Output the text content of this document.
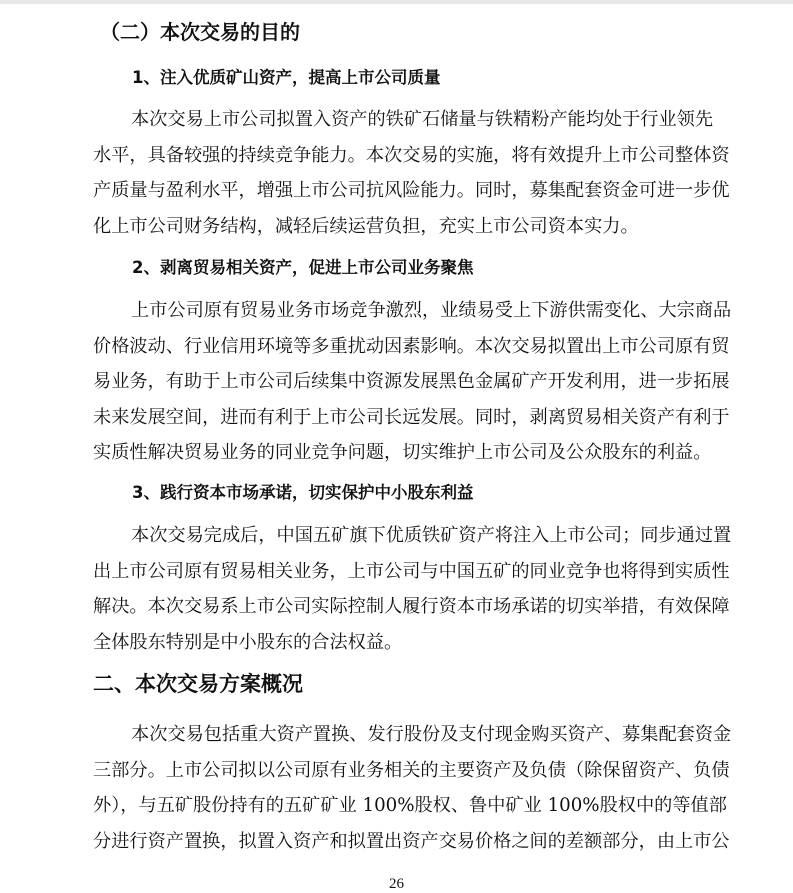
（二）本次交易的目的
1、注入优质矿山资产，提高上市公司质量
本次交易上市公司拟置入资产的铁矿石储量与铁精粉产能均处于行业领先
水平，具备较强的持续竞争能力。本次交易的实施，将有效提升上市公司整体资
产质量与盈利水平，增强上市公司抗风险能力。同时，募集配套资金可进一步优
化上市公司财务结构，减轻后续运营负担，充实上市公司资本实力。
2、剥离贸易相关资产，促进上市公司业务聚焦
上市公司原有贸易业务市场竞争激烈，业绩易受上下游供需变化、大宗商品
价格波动、行业信用环境等多重扰动因素影响。本次交易拟置出上市公司原有贸
易业务，有助于上市公司后续集中资源发展黑色金属矿产开发利用，进一步拓展
未来发展空间，进而有利于上市公司长远发展。同时，剥离贸易相关资产有利于
实质性解决贸易业务的同业竞争问题，切实维护上市公司及公众股东的利益。
3、践行资本市场承诺，切实保护中小股东利益
本次交易完成后，中国五矿旗下优质铁矿资产将注入上市公司；同步通过置
出上市公司原有贸易相关业务，上市公司与中国五矿的同业竞争也将得到实质性
解决。本次交易系上市公司实际控制人履行资本市场承诺的切实举措，有效保障
全体股东特别是中小股东的合法权益。
二、本次交易方案概况
本次交易包括重大资产置换、发行股份及支付现金购买资产、募集配套资金
三部分。上市公司拟以公司原有业务相关的主要资产及负债（除保留资产、负债
外），与五矿股份持有的五矿矿业 100%股权、鲁中矿业 100%股权中的等值部
分进行资产置换，拟置入资产和拟置出资产交易价格之间的差额部分，由上市公
26
